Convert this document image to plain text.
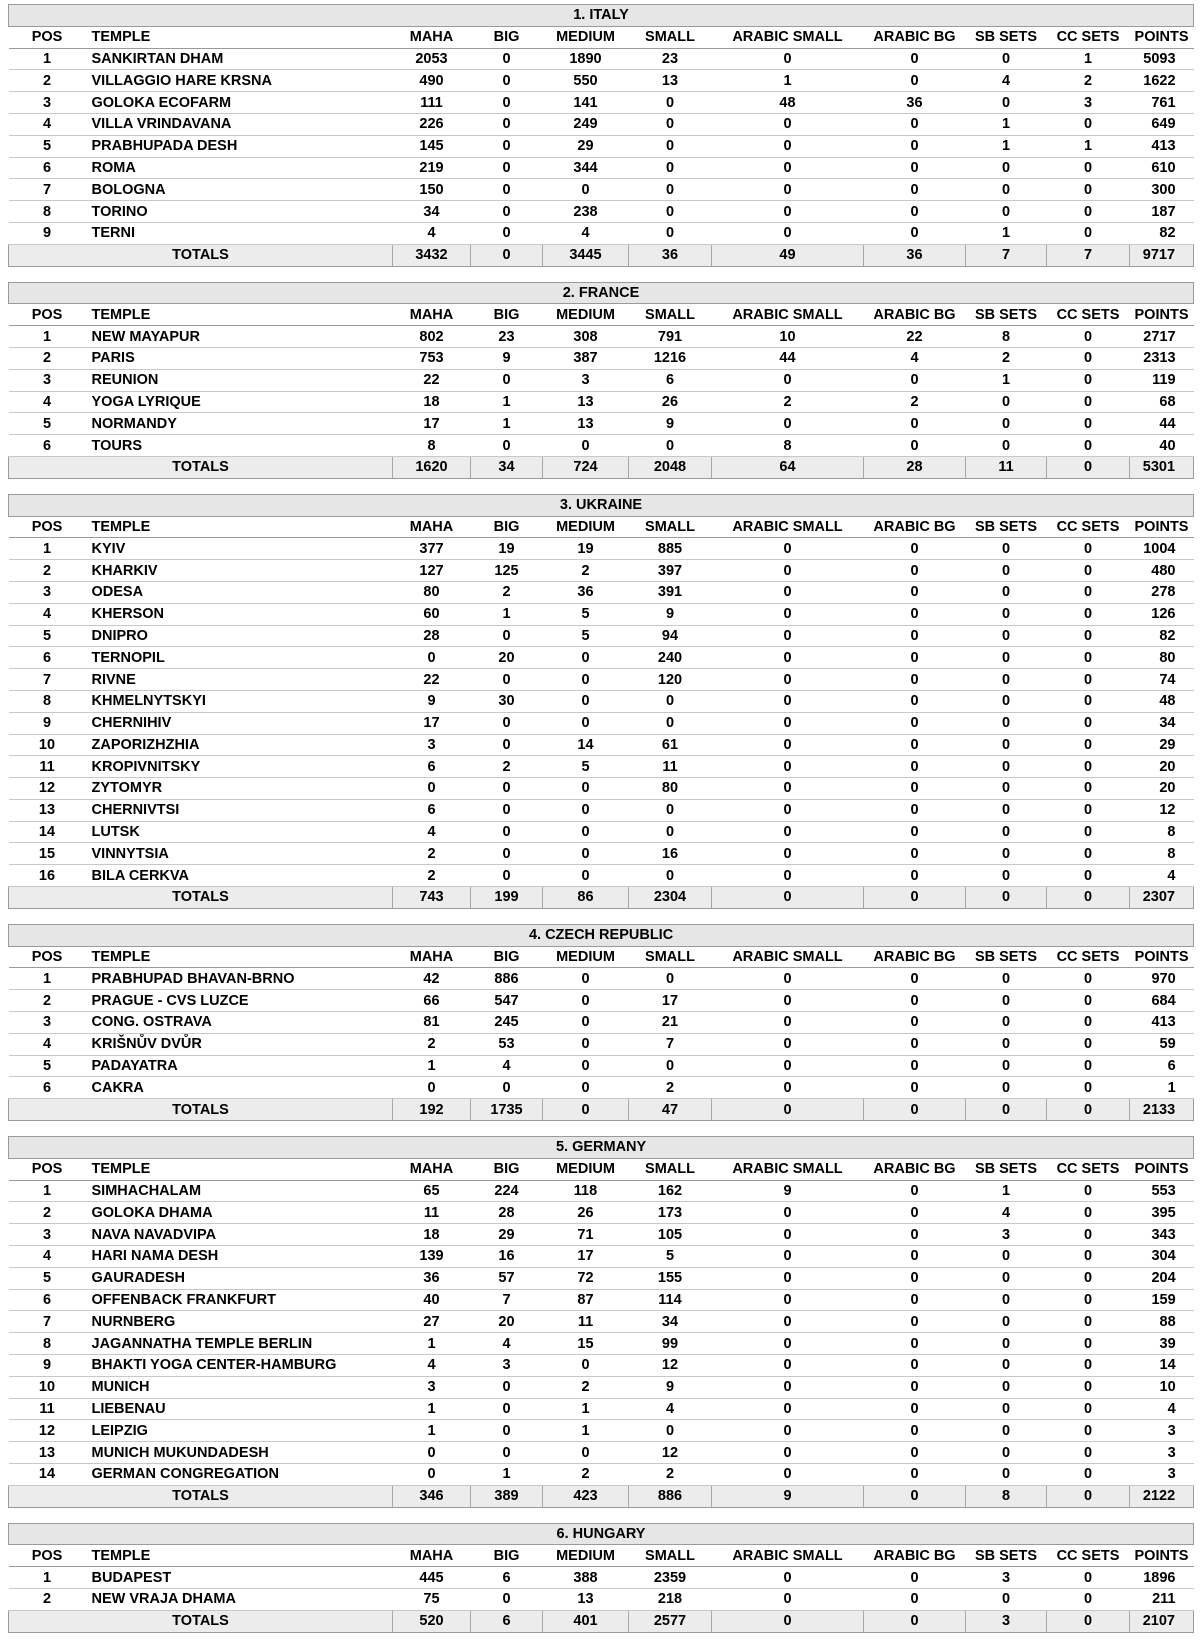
1. ITALY										
POS	TEMPLE	MAHA	BIG	MEDIUM	SMALL	ARABIC SMALL	ARABIC BG	SB SETS	CC SETS	POINTS
1	SANKIRTAN DHAM	2053	0	1890	23	0	0	0	1	5093
2	VILLAGGIO HARE KRSNA	490	0	550	13	1	0	4	2	1622
3	GOLOKA ECOFARM	111	0	141	0	48	36	0	3	761
4	VILLA VRINDAVANA	226	0	249	0	0	0	1	0	649
5	PRABHUPADA DESH	145	0	29	0	0	0	1	1	413
6	ROMA	219	0	344	0	0	0	0	0	610
7	BOLOGNA	150	0	0	0	0	0	0	0	300
8	TORINO	34	0	238	0	0	0	0	0	187
9	TERNI	4	0	4	0	0	0	1	0	82
TOTALS		3432	0	3445	36	49	36	7	7	9717
2. FRANCE										
POS	TEMPLE	MAHA	BIG	MEDIUM	SMALL	ARABIC SMALL	ARABIC BG	SB SETS	CC SETS	POINTS
1	NEW MAYAPUR	802	23	308	791	10	22	8	0	2717
2	PARIS	753	9	387	1216	44	4	2	0	2313
3	REUNION	22	0	3	6	0	0	1	0	119
4	YOGA LYRIQUE	18	1	13	26	2	2	0	0	68
5	NORMANDY	17	1	13	9	0	0	0	0	44
6	TOURS	8	0	0	0	8	0	0	0	40
TOTALS		1620	34	724	2048	64	28	11	0	5301
3. UKRAINE										
POS	TEMPLE	MAHA	BIG	MEDIUM	SMALL	ARABIC SMALL	ARABIC BG	SB SETS	CC SETS	POINTS
1	KYIV	377	19	19	885	0	0	0	0	1004
2	KHARKIV	127	125	2	397	0	0	0	0	480
3	ODESA	80	2	36	391	0	0	0	0	278
4	KHERSON	60	1	5	9	0	0	0	0	126
5	DNIPRO	28	0	5	94	0	0	0	0	82
6	TERNOPIL	0	20	0	240	0	0	0	0	80
7	RIVNE	22	0	0	120	0	0	0	0	74
8	KHMELNYTSKYI	9	30	0	0	0	0	0	0	48
9	CHERNIHIV	17	0	0	0	0	0	0	0	34
10	ZAPORIZHZHIA	3	0	14	61	0	0	0	0	29
11	KROPIVNITSKY	6	2	5	11	0	0	0	0	20
12	ZYTOMYR	0	0	0	80	0	0	0	0	20
13	CHERNIVTSI	6	0	0	0	0	0	0	0	12
14	LUTSK	4	0	0	0	0	0	0	0	8
15	VINNYTSIA	2	0	0	16	0	0	0	0	8
16	BILA CERKVA	2	0	0	0	0	0	0	0	4
TOTALS		743	199	86	2304	0	0	0	0	2307
4. CZECH REPUBLIC										
POS	TEMPLE	MAHA	BIG	MEDIUM	SMALL	ARABIC SMALL	ARABIC BG	SB SETS	CC SETS	POINTS
1	PRABHUPAD BHAVAN-BRNO	42	886	0	0	0	0	0	0	970
2	PRAGUE - CVS LUZCE	66	547	0	17	0	0	0	0	684
3	CONG. OSTRAVA	81	245	0	21	0	0	0	0	413
4	KRIŠNŮV DVŮR	2	53	0	7	0	0	0	0	59
5	PADAYATRA	1	4	0	0	0	0	0	0	6
6	CAKRA	0	0	0	2	0	0	0	0	1
TOTALS		192	1735	0	47	0	0	0	0	2133
5. GERMANY										
POS	TEMPLE	MAHA	BIG	MEDIUM	SMALL	ARABIC SMALL	ARABIC BG	SB SETS	CC SETS	POINTS
1	SIMHACHALAM	65	224	118	162	9	0	1	0	553
2	GOLOKA DHAMA	11	28	26	173	0	0	4	0	395
3	NAVA NAVADVIPA	18	29	71	105	0	0	3	0	343
4	HARI NAMA DESH	139	16	17	5	0	0	0	0	304
5	GAURADESH	36	57	72	155	0	0	0	0	204
6	OFFENBACK FRANKFURT	40	7	87	114	0	0	0	0	159
7	NURNBERG	27	20	11	34	0	0	0	0	88
8	JAGANNATHA TEMPLE BERLIN	1	4	15	99	0	0	0	0	39
9	BHAKTI YOGA CENTER-HAMBURG	4	3	0	12	0	0	0	0	14
10	MUNICH	3	0	2	9	0	0	0	0	10
11	LIEBENAU	1	0	1	4	0	0	0	0	4
12	LEIPZIG	1	0	1	0	0	0	0	0	3
13	MUNICH MUKUNDADESH	0	0	0	12	0	0	0	0	3
14	GERMAN CONGREGATION	0	1	2	2	0	0	0	0	3
TOTALS		346	389	423	886	9	0	8	0	2122
6. HUNGARY										
POS	TEMPLE	MAHA	BIG	MEDIUM	SMALL	ARABIC SMALL	ARABIC BG	SB SETS	CC SETS	POINTS
1	BUDAPEST	445	6	388	2359	0	0	3	0	1896
2	NEW VRAJA DHAMA	75	0	13	218	0	0	0	0	211
TOTALS		520	6	401	2577	0	0	3	0	2107
